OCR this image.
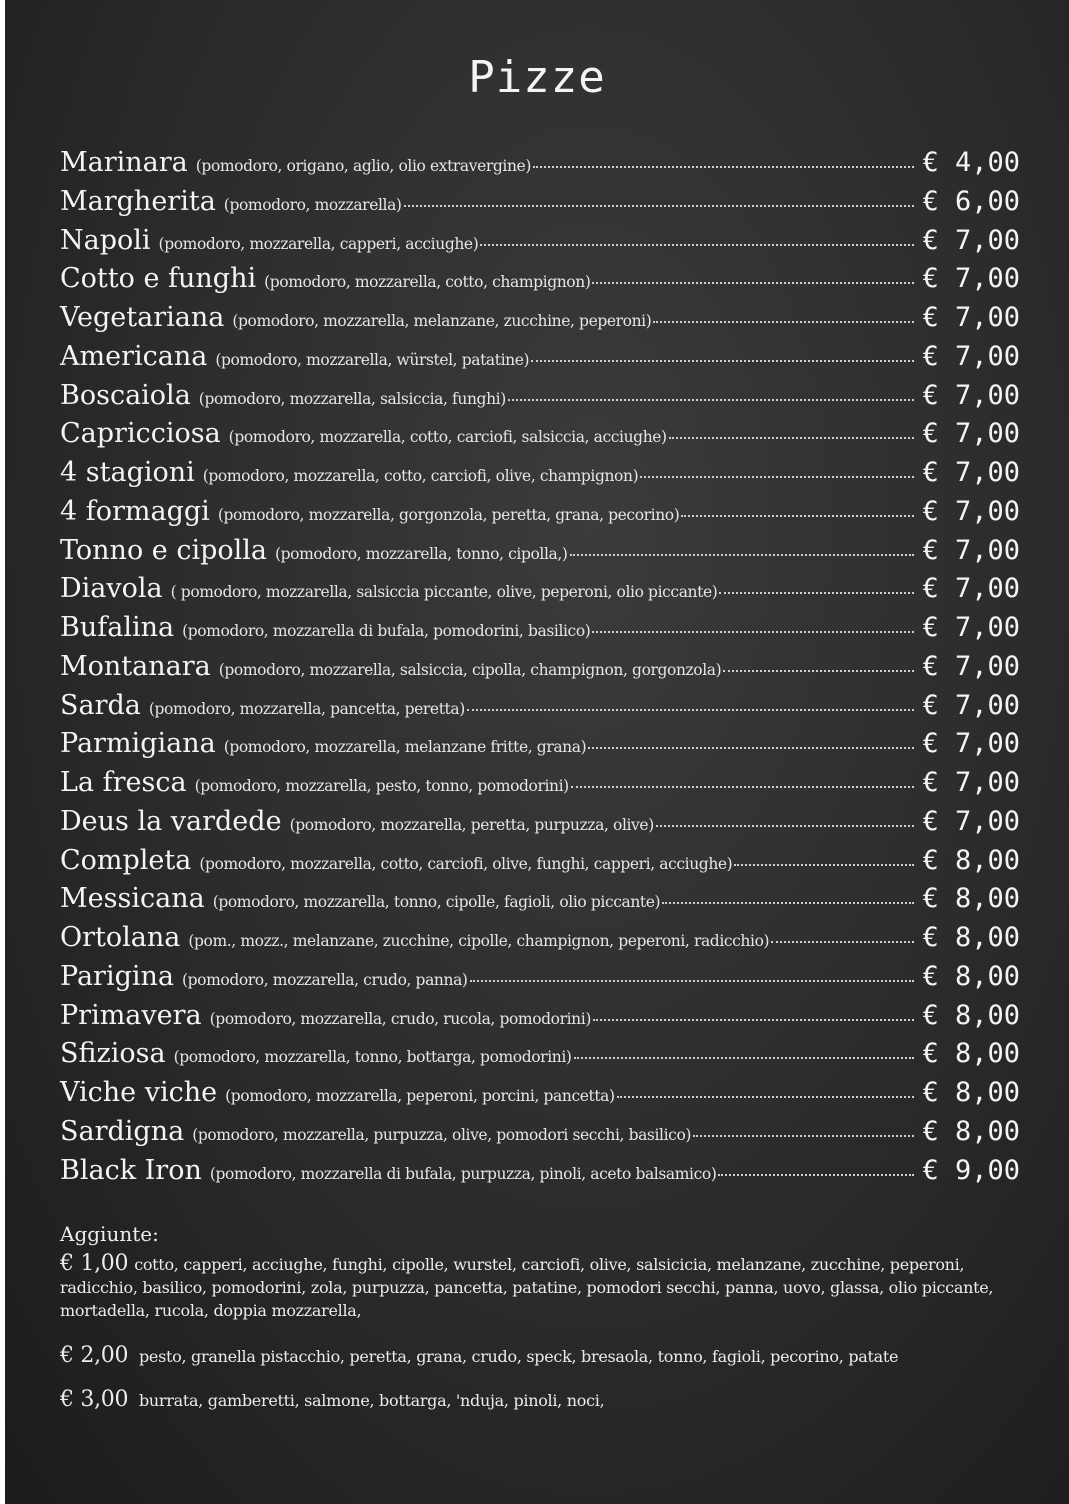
Pizze
Marinara (pomodoro, origano, aglio, olio extravergine)	€ 4,00
Margherita (pomodoro, mozzarella)	€ 6,00
Napoli (pomodoro, mozzarella, capperi, acciughe)	€ 7,00
Cotto e funghi (pomodoro, mozzarella, cotto, champignon)	€ 7,00
Vegetariana (pomodoro, mozzarella, melanzane, zucchine, peperoni)	€ 7,00
Americana (pomodoro, mozzarella, würstel, patatine)	€ 7,00
Boscaiola (pomodoro, mozzarella, salsiccia, funghi)	€ 7,00
Capricciosa (pomodoro, mozzarella, cotto, carciofi, salsiccia, acciughe)	€ 7,00
4 stagioni (pomodoro, mozzarella, cotto, carciofi, olive, champignon)	€ 7,00
4 formaggi (pomodoro, mozzarella, gorgonzola, peretta, grana, pecorino)	€ 7,00
Tonno e cipolla (pomodoro, mozzarella, tonno, cipolla,)	€ 7,00
Diavola ( pomodoro, mozzarella, salsiccia piccante, olive, peperoni, olio piccante)	€ 7,00
Bufalina (pomodoro, mozzarella di bufala, pomodorini, basilico)	€ 7,00
Montanara (pomodoro, mozzarella, salsiccia, cipolla, champignon, gorgonzola)	€ 7,00
Sarda (pomodoro, mozzarella, pancetta, peretta)	€ 7,00
Parmigiana (pomodoro, mozzarella, melanzane fritte, grana)	€ 7,00
La fresca (pomodoro, mozzarella, pesto, tonno, pomodorini)	€ 7,00
Deus la vardede (pomodoro, mozzarella, peretta, purpuzza, olive)	€ 7,00
Completa (pomodoro, mozzarella, cotto, carciofi, olive, funghi, capperi, acciughe)	€ 8,00
Messicana (pomodoro, mozzarella, tonno, cipolle, fagioli, olio piccante)	€ 8,00
Ortolana (pom., mozz., melanzane, zucchine, cipolle, champignon, peperoni, radicchio)	€ 8,00
Parigina (pomodoro, mozzarella, crudo, panna)	€ 8,00
Primavera (pomodoro, mozzarella, crudo, rucola, pomodorini)	€ 8,00
Sfiziosa (pomodoro, mozzarella, tonno, bottarga, pomodorini)	€ 8,00
Viche viche (pomodoro, mozzarella, peperoni, porcini, pancetta)	€ 8,00
Sardigna (pomodoro, mozzarella, purpuzza, olive, pomodori secchi, basilico)	€ 8,00
Black Iron (pomodoro, mozzarella di bufala, purpuzza, pinoli, aceto balsamico)	€ 9,00
Aggiunte:
€ 1,00 cotto, capperi, acciughe, funghi, cipolle, wurstel, carciofi, olive, salsicicia, melanzane, zucchine, peperoni, radicchio, basilico, pomodorini, zola, purpuzza, pancetta, patatine, pomodori secchi, panna, uovo, glassa, olio piccante, mortadella, rucola, doppia mozzarella,
€ 2,00 pesto, granella pistacchio, peretta, grana, crudo, speck, bresaola, tonno, fagioli, pecorino, patate
€ 3,00 burrata, gamberetti, salmone, bottarga, 'nduja, pinoli, noci,
